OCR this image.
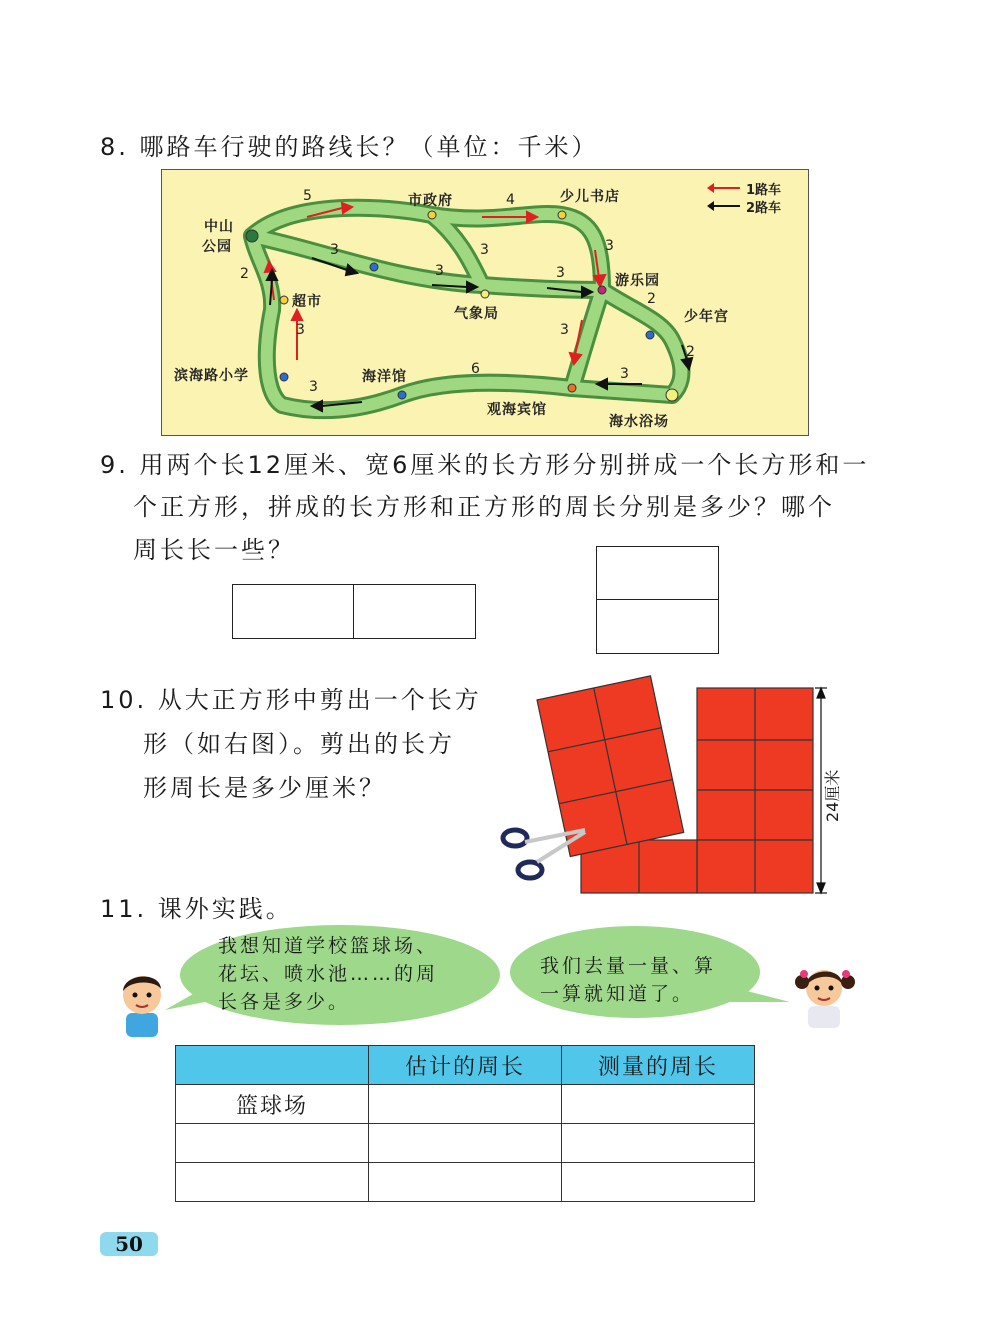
8. 哪路车行驶的路线长？（单位：千米）
中山
公园
市政府	少儿书店
游乐园
少年宫
海水浴场
观海宾馆
海洋馆
滨海路小学
超市
气象局
5	4
3	3	3
3	3
2
2
3	3
6	3
2
3
1路车
2路车
9. 用两个长12厘米、宽6厘米的长方形分别拼成一个长方形和一
个正方形，拼成的长方形和正方形的周长分别是多少？哪个
周长长一些？
10. 从大正方形中剪出一个长方
形（如右图）。剪出的长方
形周长是多少厘米？	24厘米
11. 课外实践。
我想知道学校篮球场、
花坛、喷水池……的周
长各是多少。
我们去量一量、算
一算就知道了。
	估计的周长	测量的周长
篮球场		

50
